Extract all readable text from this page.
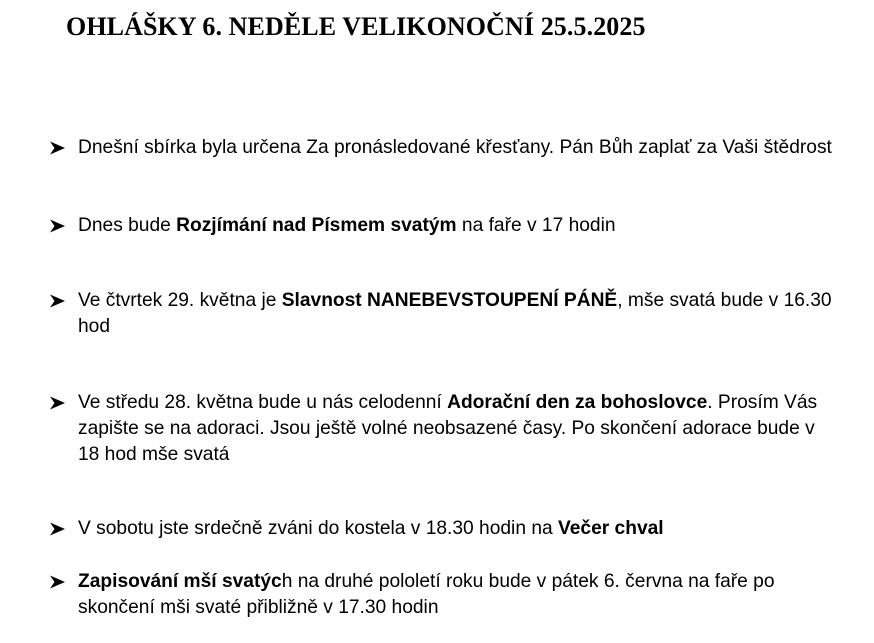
OHLÁŠKY 6. NEDĚLE VELIKONOČNÍ 25.5.2025
Dnešní sbírka byla určena Za pronásledované křesťany. Pán Bůh zaplať za Vaši štědrost
Dnes bude Rozjímání nad Písmem svatým na faře v 17 hodin
Ve čtvrtek 29. května je Slavnost NANEBEVSTOUPENÍ PÁNĚ, mše svatá bude v 16.30 hod
Ve středu 28. května bude u nás celodenní Adorační den za bohoslovce. Prosím Vás zapište se na adoraci. Jsou ještě volné neobsazené časy. Po skončení adorace bude v 18 hod mše svatá
V sobotu jste srdečně zváni do kostela v 18.30 hodin na Večer chval
Zapisování mší svatých na druhé pololetí roku bude v pátek 6. června na faře po skončení mši svaté přibližně v 17.30 hodin
